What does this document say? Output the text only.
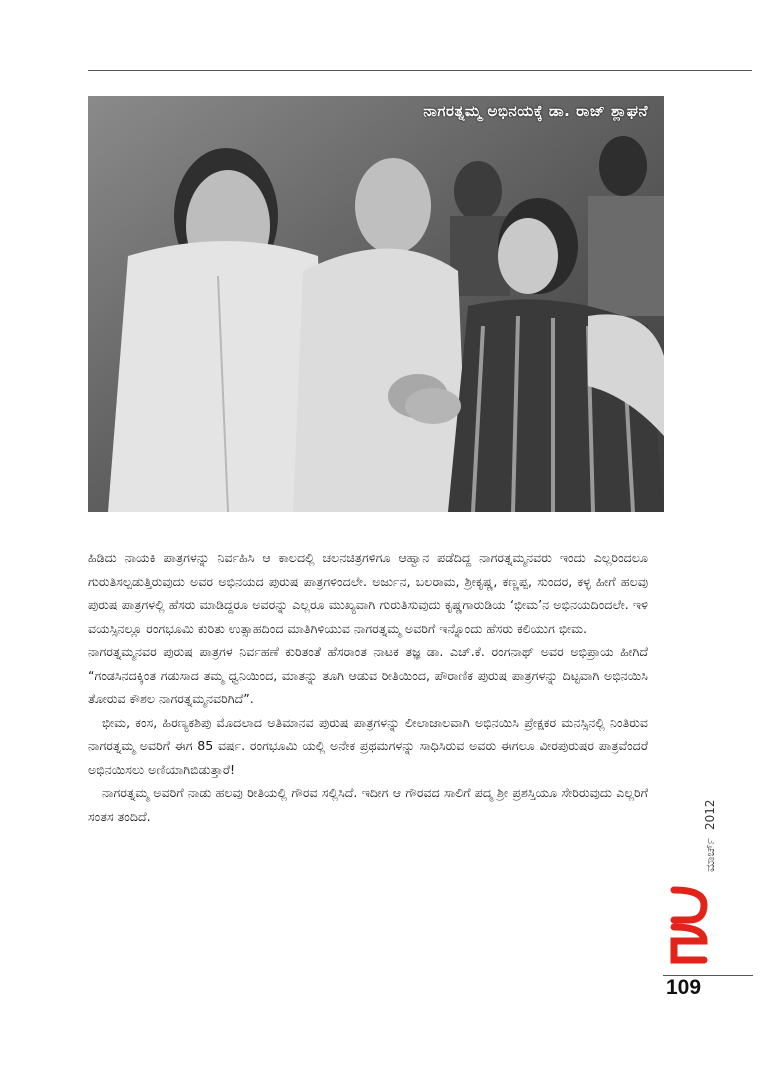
ನಾಗರತ್ನಮ್ಮ ಅಭಿನಯಕ್ಕೆ ಡಾ. ರಾಜ್ ಶ್ಲಾಘನೆ

ಹಿಡಿದು ನಾಯಕಿ ಪಾತ್ರಗಳನ್ನು ನಿರ್ವಹಿಸಿ ಆ ಕಾಲದಲ್ಲಿ ಚಲನಚಿತ್ರಗಳಿಗೂ ಆಹ್ವಾನ ಪಡೆದಿದ್ದ ನಾಗರತ್ನಮ್ಮನವರು ಇಂದು ಎಲ್ಲರಿಂದಲೂ ಗುರುತಿಸಲ್ಪಡುತ್ತಿರುವುದು ಅವರ ಅಭಿನಯದ ಪುರುಷ ಪಾತ್ರಗಳಿಂದಲೇ. ಅರ್ಜುನ, ಬಲರಾಮ, ಶ್ರೀಕೃಷ್ಣ, ಕಣ್ಣಪ್ಪ, ಸುಂದರ, ಕಳ್ಳ ಹೀಗೆ ಹಲವು ಪುರುಷ ಪಾತ್ರಗಳಲ್ಲಿ ಹೆಸರು ಮಾಡಿದ್ದರೂ ಅವರನ್ನು ಎಲ್ಲರೂ ಮುಖ್ಯವಾಗಿ ಗುರುತಿಸುವುದು ಕೃಷ್ಣಗಾರುಡಿಯ ‘ಭೀಮ’ನ ಅಭಿನಯದಿಂದಲೇ. ಇಳಿ ವಯಸ್ಸಿನಲ್ಲೂ ರಂಗಭೂಮಿ ಕುರಿತು ಉತ್ಸಾಹದಿಂದ ಮಾತಿಗಿಳಿಯುವ ನಾಗರತ್ನಮ್ಮ ಅವರಿಗೆ ಇನ್ನೊಂದು ಹೆಸರು ಕಲಿಯುಗ ಭೀಮ.

ನಾಗರತ್ನಮ್ಮನವರ ಪುರುಷ ಪಾತ್ರಗಳ ನಿರ್ವಹಣೆ ಕುರಿತಂತೆ ಹೆಸರಾಂತ ನಾಟಕ ತಜ್ಞ ಡಾ. ಎಚ್.ಕೆ. ರಂಗನಾಥ್ ಅವರ ಅಭಿಪ್ರಾಯ ಹೀಗಿದೆ “ಗಂಡಸಿನದಕ್ಕಿಂತ ಗಡುಸಾದ ತಮ್ಮ ಧ್ವನಿಯಿಂದ, ಮಾತನ್ನು ತೂಗಿ ಆಡುವ ರೀತಿಯಿಂದ, ಪೌರಾಣಿಕ ಪುರುಷ ಪಾತ್ರಗಳನ್ನು ದಿಟ್ಟವಾಗಿ ಅಭಿನಯಿಸಿ ತೋರುವ ಕೌಶಲ ನಾಗರತ್ನಮ್ಮನವರಿಗಿದೆ”.

ಭೀಮ, ಕಂಸ, ಹಿರಣ್ಯಕಶಿಪು ಮೊದಲಾದ ಅತಿಮಾನವ ಪುರುಷ ಪಾತ್ರಗಳನ್ನು ಲೀಲಾಜಾಲವಾಗಿ ಅಭಿನಯಿಸಿ ಪ್ರೇಕ್ಷಕರ ಮನಸ್ಸಿನಲ್ಲಿ ನಿಂತಿರುವ ನಾಗರತ್ನಮ್ಮ ಅವರಿಗೆ ಈಗ 85 ವರ್ಷ. ರಂಗಭೂಮಿ ಯಲ್ಲಿ ಅನೇಕ ಪ್ರಥಮಗಳನ್ನು ಸಾಧಿಸಿರುವ ಅವರು ಈಗಲೂ ವೀರಪುರುಷರ ಪಾತ್ರವೆಂದರೆ ಅಭಿನಯಿಸಲು ಅಣಿಯಾಗಿಬಿಡುತ್ತಾರೆ!

ನಾಗರತ್ನಮ್ಮ ಅವರಿಗೆ ನಾಡು ಹಲವು ರೀತಿಯಲ್ಲಿ ಗೌರವ ಸಲ್ಲಿಸಿದೆ. ಇದೀಗ ಆ ಗೌರವದ ಸಾಲಿಗೆ ಪದ್ಮ ಶ್ರೀ ಪ್ರಶಸ್ತಿಯೂ ಸೇರಿರುವುದು ಎಲ್ಲರಿಗೆ ಸಂತಸ ತಂದಿದೆ.

ಮಾರ್ಚ್2012
109
